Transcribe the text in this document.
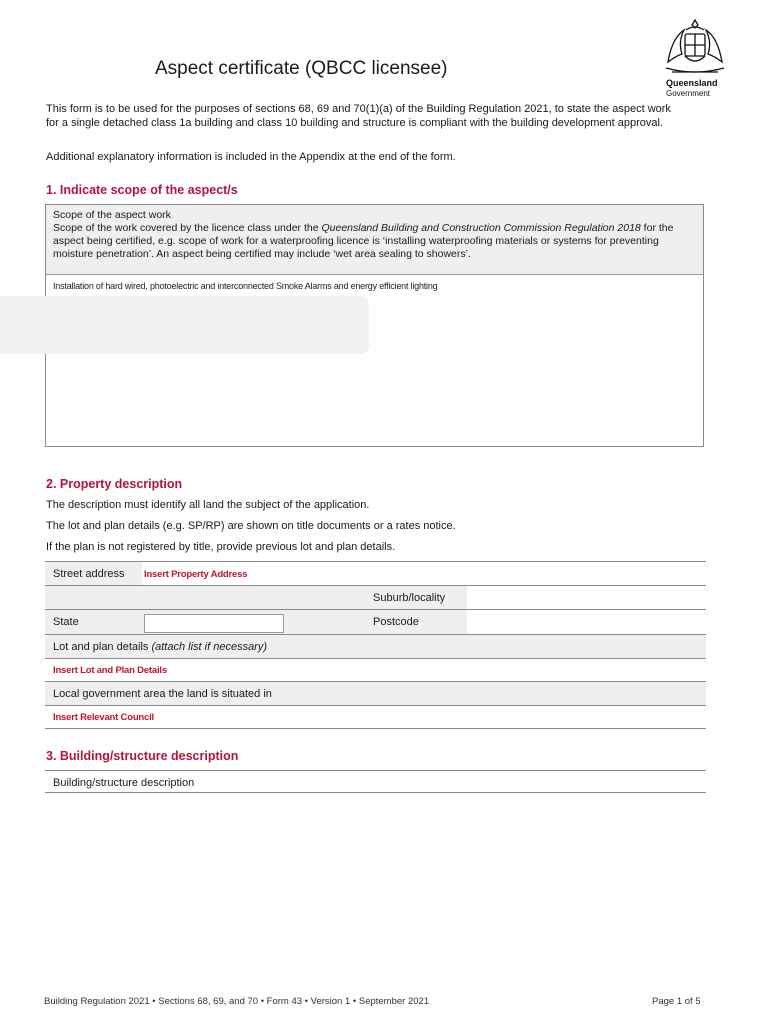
Aspect certificate (QBCC licensee)
Queensland
Government
This form is to be used for the purposes of sections 68, 69 and 70(1)(a) of the Building Regulation 2021, to state the aspect work for a single detached class 1a building and class 10 building and structure is compliant with the building development approval.
Additional explanatory information is included in the Appendix at the end of the form.
1. Indicate scope of the aspect/s
Scope of the aspect work
Scope of the work covered by the licence class under the Queensland Building and Construction Commission Regulation 2018 for the aspect being certified, e.g. scope of work for a waterproofing licence is ‘installing waterproofing materials or systems for preventing moisture penetration’. An aspect being certified may include ‘wet area sealing to showers’.
Installation of hard wired, photoelectric and interconnected Smoke Alarms and energy efficient lighting
2. Property description
The description must identify all land the subject of the application.
The lot and plan details (e.g. SP/RP) are shown on title documents or a rates notice.
If the plan is not registered by title, provide previous lot and plan details.
Street address Insert Property Address
Suburb/locality
State	Postcode
Lot and plan details (attach list if necessary)
Insert Lot and Plan Details
Local government area the land is situated in
Insert Relevant Council
3. Building/structure description
Building/structure description
Building Regulation 2021 • Sections 68, 69, and 70 • Form 43 • Version 1 • September 2021	Page 1 of 5
